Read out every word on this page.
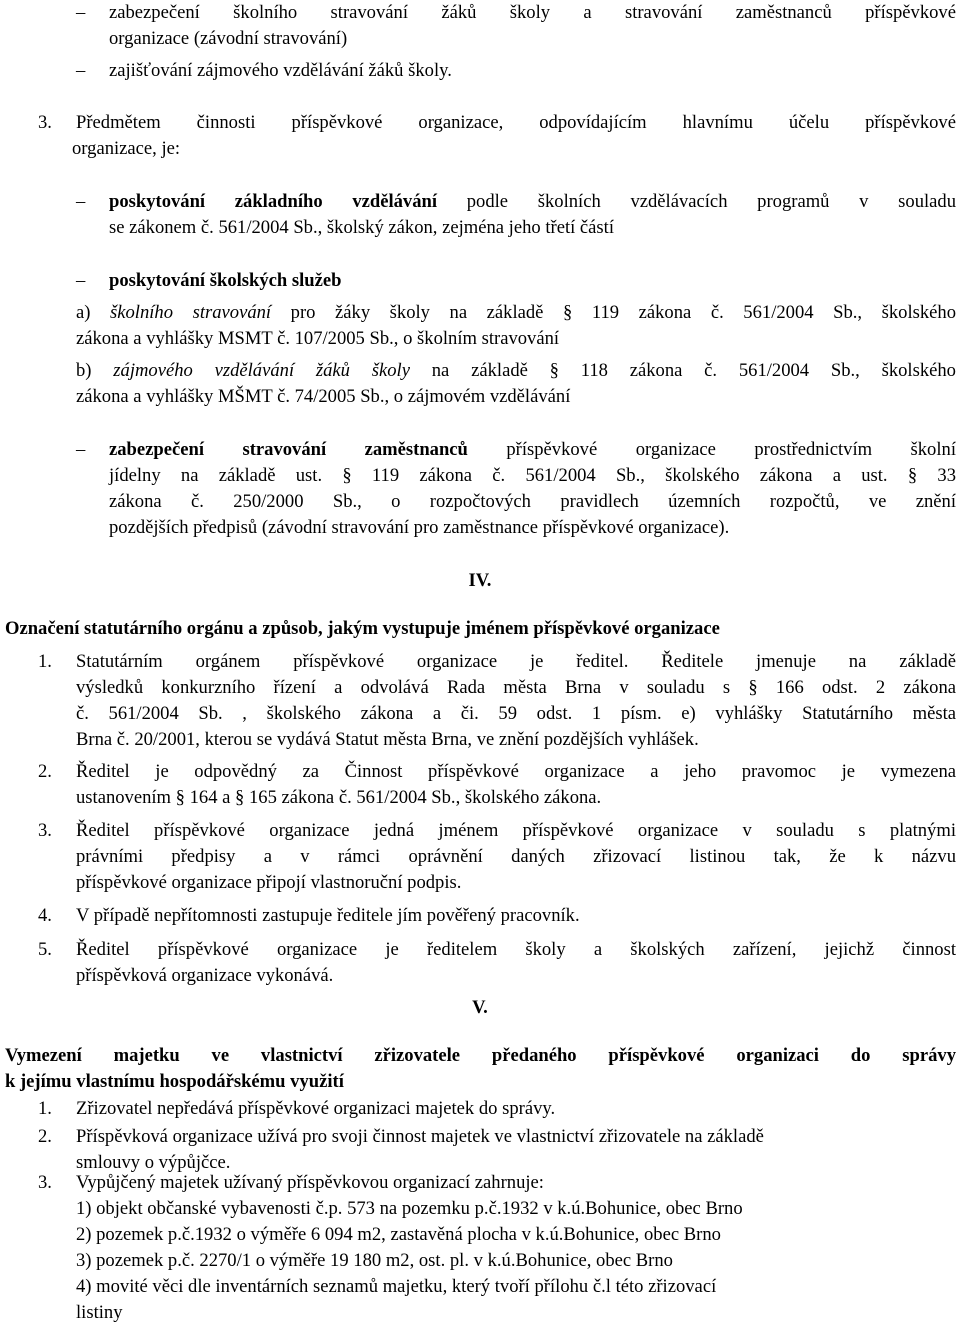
– zabezpečení školního stravování žáků školy a stravování zaměstnanců příspěvkové
organizace (závodní stravování)
– zajišťování zájmového vzdělávání žáků školy.
3. Předmětem činnosti příspěvkové organizace, odpovídajícím hlavnímu účelu příspěvkové
organizace, je:
– poskytování základního vzdělávání podle školních vzdělávacích programů v souladu
se zákonem č. 561/2004 Sb., školský zákon, zejména jeho třetí částí
– poskytování školských služeb
a) školního stravování pro žáky školy na základě § 119 zákona č. 561/2004 Sb., školského
zákona a vyhlášky MSMT č. 107/2005 Sb., o školním stravování
b) zájmového vzdělávání žáků školy na základě § 118 zákona č. 561/2004 Sb., školského
zákona a vyhlášky MŠMT č. 74/2005 Sb., o zájmovém vzdělávání
– zabezpečení stravování zaměstnanců příspěvkové organizace prostřednictvím školní
jídelny na základě ust. § 119 zákona č. 561/2004 Sb., školského zákona a ust. § 33
zákona č. 250/2000 Sb., o rozpočtových pravidlech územních rozpočtů, ve znění
pozdějších předpisů (závodní stravování pro zaměstnance příspěvkové organizace).
IV.
Označení statutárního orgánu a způsob, jakým vystupuje jménem příspěvkové organizace
1. Statutárním orgánem příspěvkové organizace je ředitel. Ředitele jmenuje na základě
výsledků konkurzního řízení a odvolává Rada města Brna v souladu s § 166 odst. 2 zákona
č. 561/2004 Sb. , školského zákona a či. 59 odst. 1 písm. e) vyhlášky Statutárního města
Brna č. 20/2001, kterou se vydává Statut města Brna, ve znění pozdějších vyhlášek.
2. Ředitel je odpovědný za Činnost příspěvkové organizace a jeho pravomoc je vymezena
ustanovením § 164 a § 165 zákona č. 561/2004 Sb., školského zákona.
3. Ředitel příspěvkové organizace jedná jménem příspěvkové organizace v souladu s platnými
právními předpisy a v rámci oprávnění daných zřizovací listinou tak, že k názvu
příspěvkové organizace připojí vlastnoruční podpis.
4. V případě nepřítomnosti zastupuje ředitele jím pověřený pracovník.
5. Ředitel příspěvkové organizace je ředitelem školy a školských zařízení, jejichž činnost
příspěvková organizace vykonává.
V.
Vymezení majetku ve vlastnictví zřizovatele předaného příspěvkové organizaci do správy
k jejímu vlastnímu hospodářskému využití
1. Zřizovatel nepředává příspěvkové organizaci majetek do správy.
2. Příspěvková organizace užívá pro svoji činnost majetek ve vlastnictví zřizovatele na základě
smlouvy o výpůjčce.
3. Vypůjčený majetek užívaný příspěvkovou organizací zahrnuje:
1) objekt občanské vybavenosti č.p. 573 na pozemku p.č.1932 v k.ú.Bohunice, obec Brno
2) pozemek p.č.1932 o výměře 6 094 m2, zastavěná plocha v k.ú.Bohunice, obec Brno
3) pozemek p.č. 2270/1 o výměře 19 180 m2, ost. pl. v k.ú.Bohunice, obec Brno
4) movité věci dle inventárních seznamů majetku, který tvoří přílohu č.l této zřizovací
listiny
